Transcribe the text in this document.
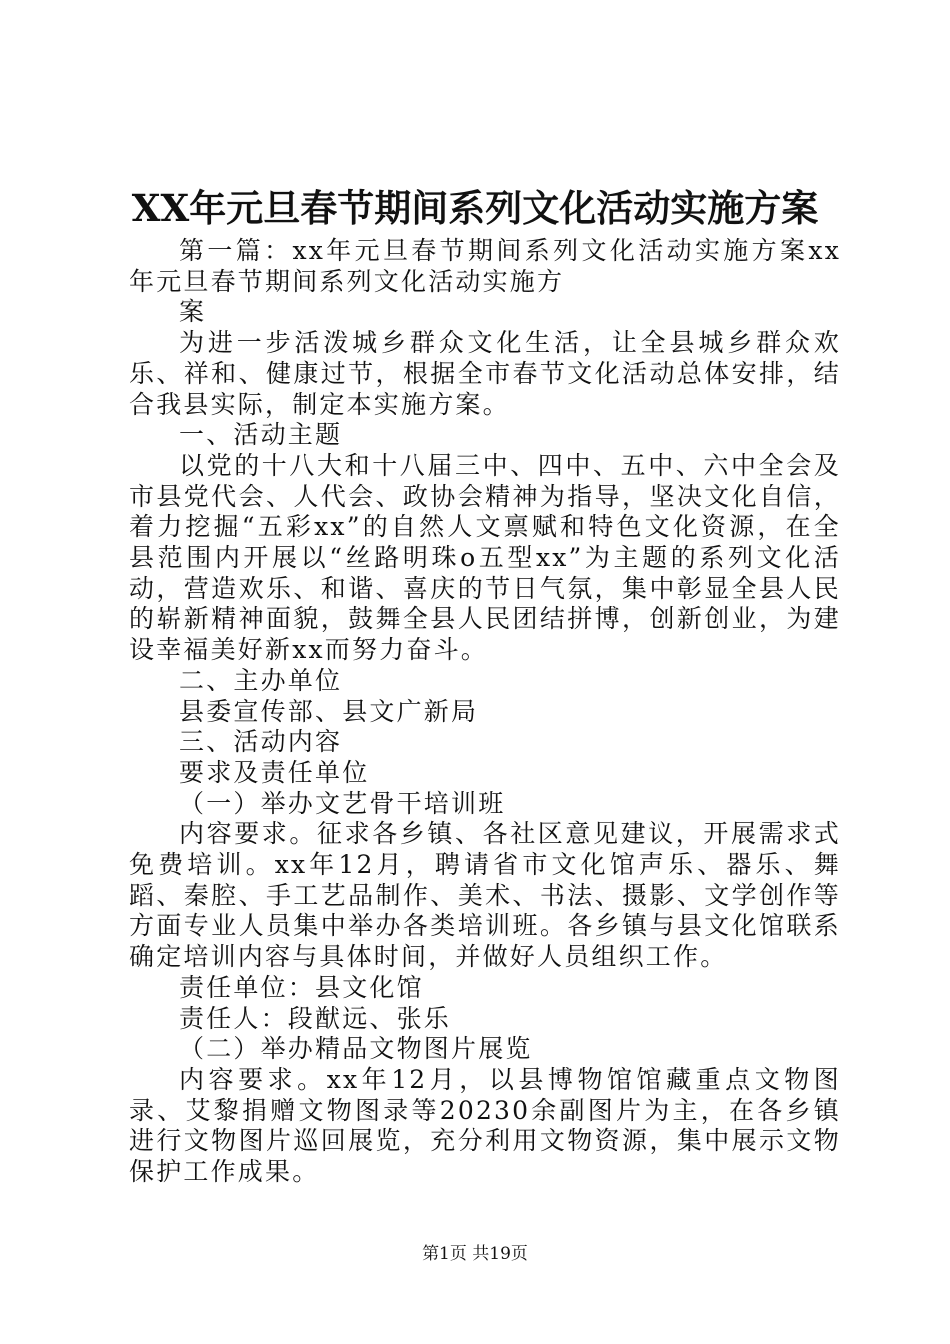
XX年元旦春节期间系列文化活动实施方案

第一篇：xx年元旦春节期间系列文化活动实施方案xx年元旦春节期间系列文化活动实施方

案

为进一步活泼城乡群众文化生活，让全县城乡群众欢乐、祥和、健康过节，根据全市春节文化活动总体安排，结合我县实际，制定本实施方案。

一、活动主题

以党的十八大和十八届三中、四中、五中、六中全会及市县党代会、人代会、政协会精神为指导，坚决文化自信，着力挖掘“五彩xx”的自然人文禀赋和特色文化资源，在全县范围内开展以“丝路明珠o五型xx”为主题的系列文化活动，营造欢乐、和谐、喜庆的节日气氛，集中彰显全县人民的崭新精神面貌，鼓舞全县人民团结拼博，创新创业，为建设幸福美好新xx而努力奋斗。

二、主办单位

县委宣传部、县文广新局

三、活动内容

要求及责任单位

（一）举办文艺骨干培训班

内容要求。征求各乡镇、各社区意见建议，开展需求式免费培训。xx年12月，聘请省市文化馆声乐、器乐、舞蹈、秦腔、手工艺品制作、美术、书法、摄影、文学创作等方面专业人员集中举办各类培训班。各乡镇与县文化馆联系确定培训内容与具体时间，并做好人员组织工作。

责任单位：县文化馆

责任人：段猷远、张乐

（二）举办精品文物图片展览

内容要求。xx年12月，以县博物馆馆藏重点文物图录、艾黎捐赠文物图录等20230余副图片为主，在各乡镇进行文物图片巡回展览，充分利用文物资源，集中展示文物保护工作成果。

第1页 共19页
